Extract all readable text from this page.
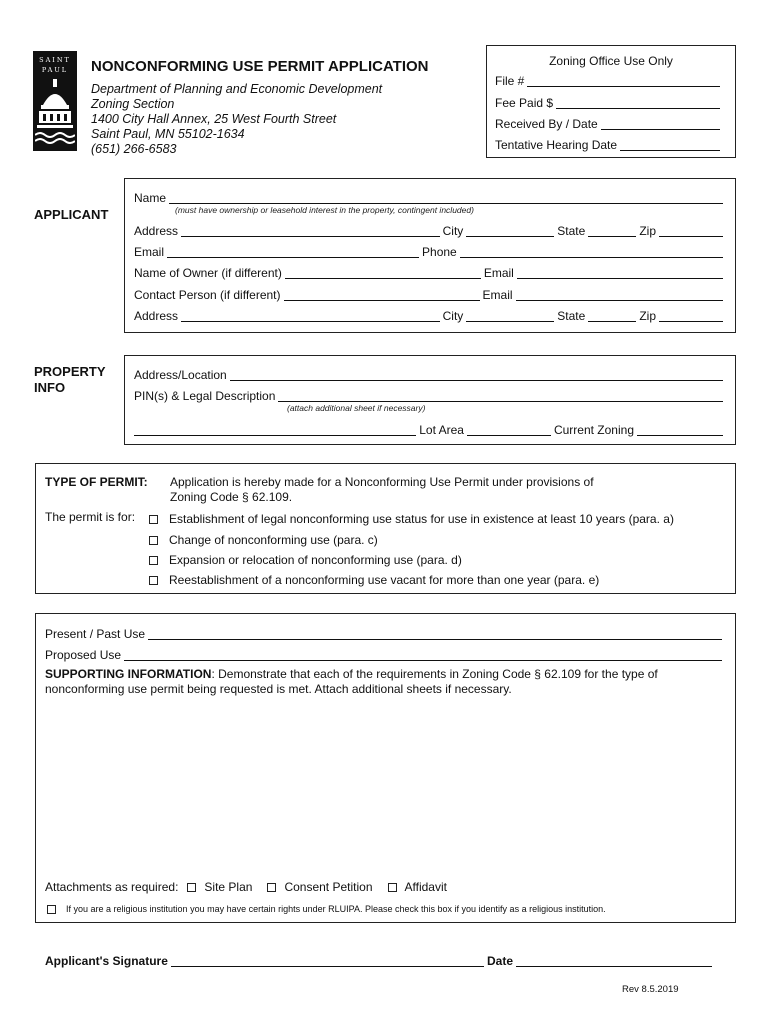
SAINT
PAUL	NONCONFORMING USE PERMIT APPLICATION
Department of Planning and Economic Development
Zoning Section
1400 City Hall Annex, 25 West Fourth Street
Saint Paul, MN 55102-1634
(651) 266-6583
Zoning Office Use Only
File #
Fee Paid $
Received By / Date
Tentative Hearing Date
APPLICANT
Name
(must have ownership or leasehold interest in the property, contingent included)
Address	City	State	Zip
Email	Phone
Name of Owner (if different)	Email
Contact Person (if different)	Email
Address	City	State	Zip
PROPERTY
INFO
Address/Location
PIN(s) & Legal Description
(attach additional sheet if necessary)
Lot Area	Current Zoning
TYPE OF PERMIT: Application is hereby made for a Nonconforming Use Permit under provisions of
Zoning Code § 62.109.
The permit is for:	Establishment of legal nonconforming use status for use in existence at least 10 years (para. a)
Change of nonconforming use (para. c)
Expansion or relocation of nonconforming use (para. d)
Reestablishment of a nonconforming use vacant for more than one year (para. e)
Present / Past Use
Proposed Use
SUPPORTING INFORMATION: Demonstrate that each of the requirements in Zoning Code § 62.109 for the type of
nonconforming use permit being requested is met. Attach additional sheets if necessary.
Attachments as required: Site Plan	Consent Petition	Affidavit
If you are a religious institution you may have certain rights under RLUIPA. Please check this box if you identify as a religious institution.
Applicant's Signature	Date
Rev 8.5.2019
